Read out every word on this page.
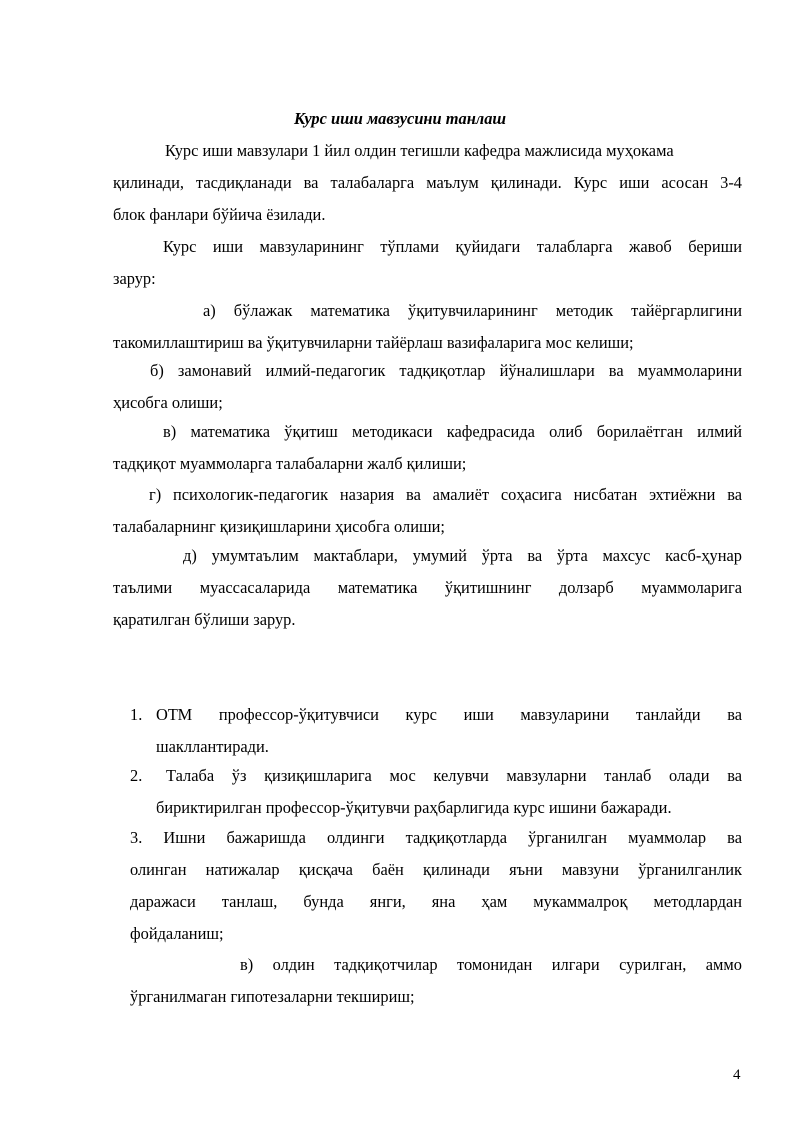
Курс иши мавзусини танлаш
Курс иши мавзулари 1 йил олдин тегишли кафедра мажлисида муҳокама
қилинади, тасдиқланади ва талабаларга маълум қилинади. Курс иши асосан 3-4
блок фанлари бўйича ёзилади.
Курс иши мавзуларининг тўплами қуйидаги талабларга жавоб бериши
зарур:
а) бўлажак математика ўқитувчиларининг методик тайёргарлигини
такомиллаштириш ва ўқитувчиларни тайёрлаш вазифаларига мос келиши;
б) замонавий илмий-педагогик тадқиқотлар йўналишлари ва муаммоларини
ҳисобга олиши;
в) математика ўқитиш методикаси кафедрасида олиб борилаётган илмий
тадқиқот муаммоларга талабаларни жалб қилиши;
г) психологик-педагогик назария ва амалиёт соҳасига нисбатан эхтиёжни ва
талабаларнинг қизиқишларини ҳисобга олиши;
д) умумтаълим мактаблари, умумий ўрта ва ўрта махсус касб-ҳунар
таълими муассасаларида математика ўқитишнинг долзарб муаммоларига
қаратилган бўлиши зарур.
1. ОТМ профессор-ўқитувчиси курс иши мавзуларини танлайди ва
шакллантиради.
2.	Талаба ўз қизиқишларига мос келувчи мавзуларни танлаб олади ва
бириктирилган профессор-ўқитувчи раҳбарлигида курс ишини бажаради.
3. Ишни бажаришда олдинги тадқиқотларда ўрганилган муаммолар ва
олинган натижалар қисқача баён қилинади яъни мавзуни ўрганилганлик
даражаси танлаш, бунда янги, яна ҳам мукаммалроқ методлардан
фойдаланиш;
в) олдин тадқиқотчилар томонидан илгари сурилган, аммо
ўрганилмаган гипотезаларни текшириш;
4
